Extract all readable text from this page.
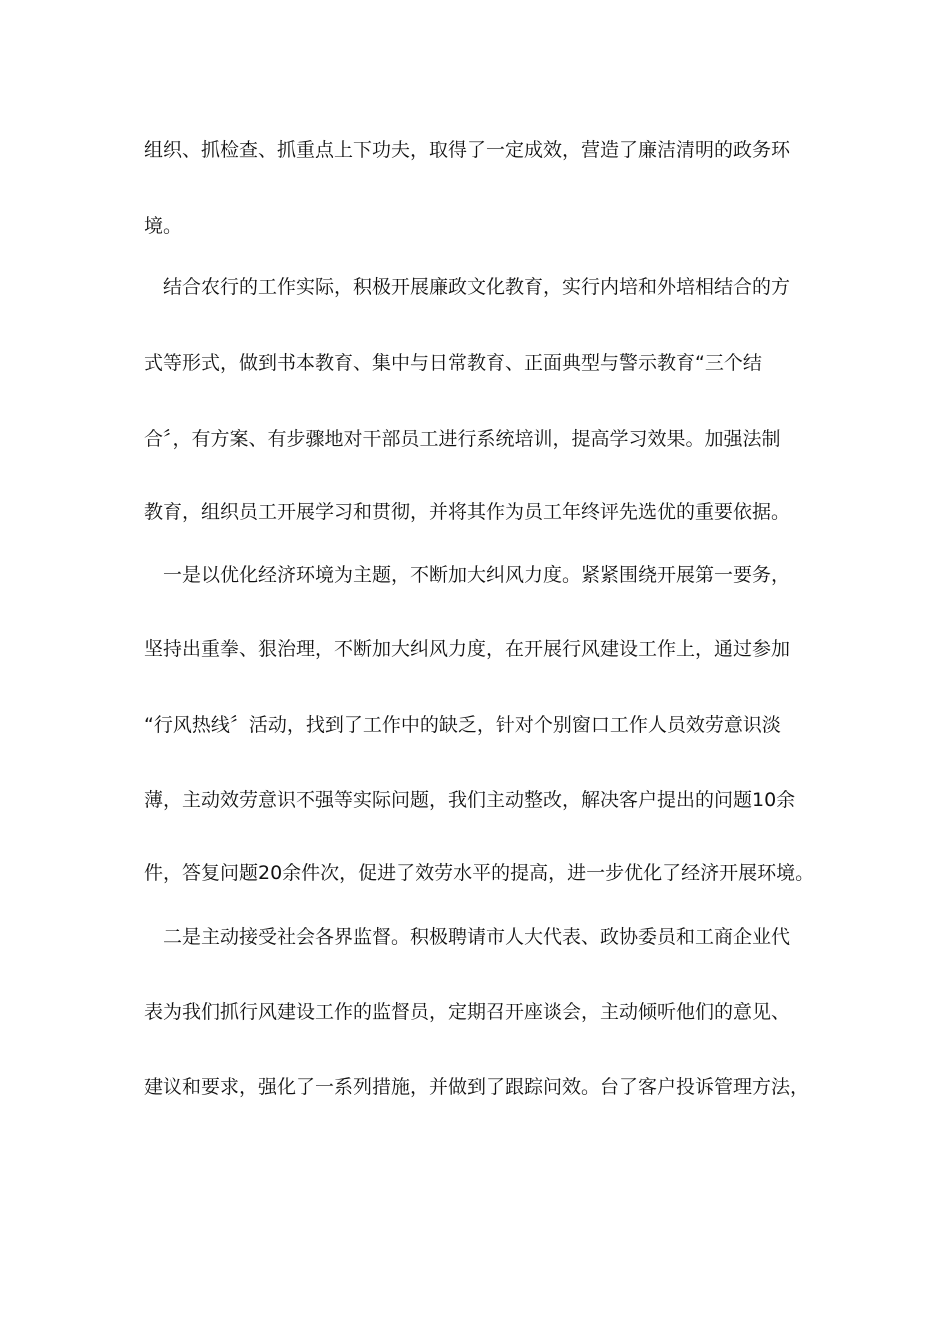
组织、抓检查、抓重点上下功夫，取得了一定成效，营造了廉洁清明的政务环
境。
　结合农行的工作实际，积极开展廉政文化教育，实行内培和外培相结合的方
式等形式，做到书本教育、集中与日常教育、正面典型与警示教育“三个结
合〞，有方案、有步骤地对干部员工进行系统培训，提高学习效果。加强法制
教育，组织员工开展学习和贯彻，并将其作为员工年终评先选优的重要依据。
　一是以优化经济环境为主题，不断加大纠风力度。紧紧围绕开展第一要务，
坚持出重拳、狠治理，不断加大纠风力度，在开展行风建设工作上，通过参加
“行风热线〞活动，找到了工作中的缺乏，针对个别窗口工作人员效劳意识淡
薄，主动效劳意识不强等实际问题，我们主动整改，解决客户提出的问题10余
件，答复问题20余件次，促进了效劳水平的提高，进一步优化了经济开展环境。
　二是主动接受社会各界监督。积极聘请市人大代表、政协委员和工商企业代
表为我们抓行风建设工作的监督员，定期召开座谈会，主动倾听他们的意见、
建议和要求，强化了一系列措施，并做到了跟踪问效。台了客户投诉管理方法，
